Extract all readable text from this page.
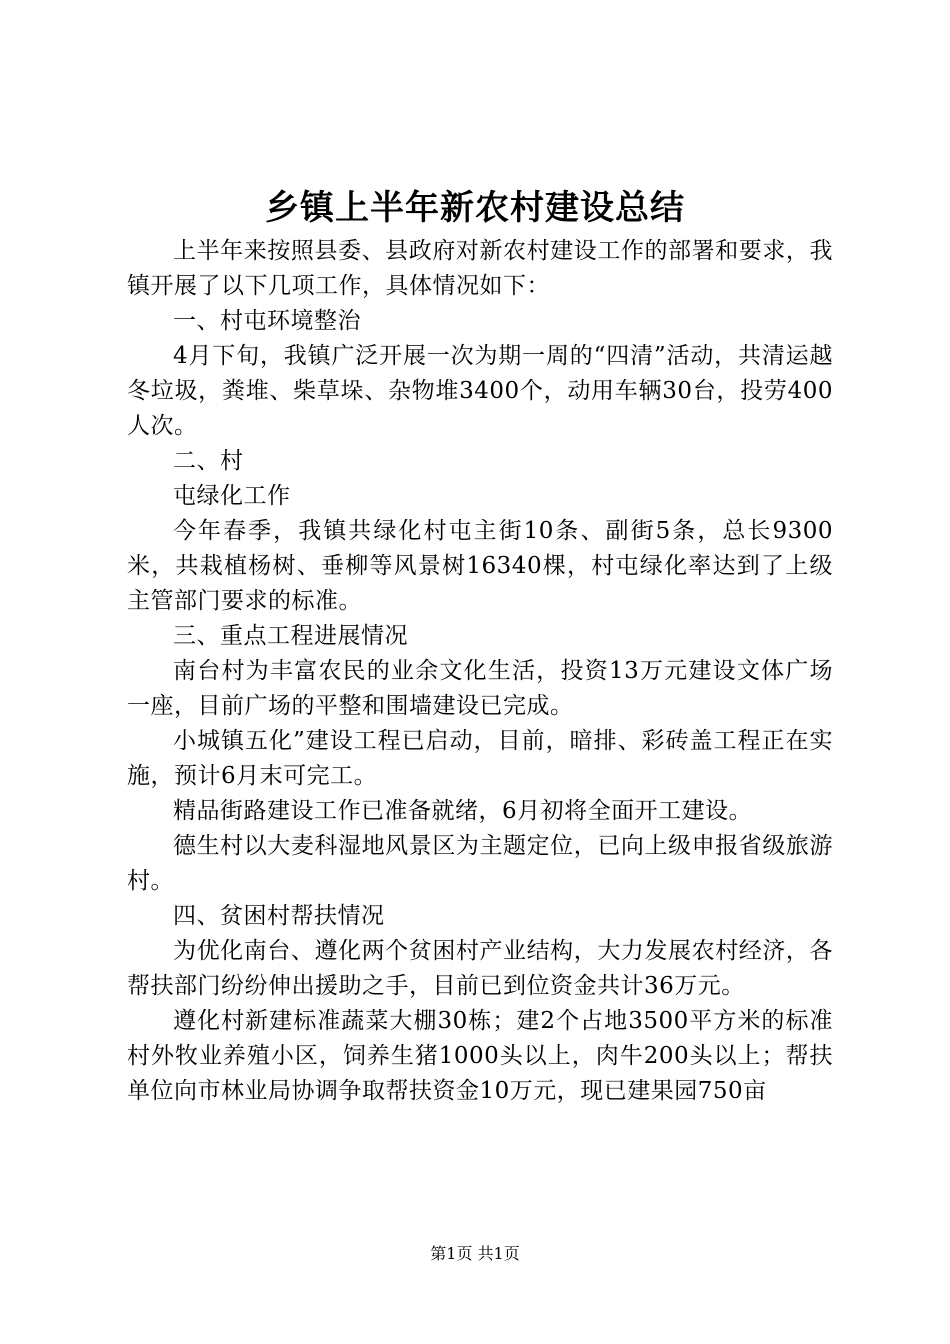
乡镇上半年新农村建设总结

上半年来按照县委、县政府对新农村建设工作的部署和要求，我镇开展了以下几项工作，具体情况如下：

一、村屯环境整治

4月下旬，我镇广泛开展一次为期一周的“四清”活动，共清运越冬垃圾，粪堆、柴草垛、杂物堆3400个，动用车辆30台，投劳400人次。

二、村

屯绿化工作

今年春季，我镇共绿化村屯主街10条、副街5条，总长9300米，共栽植杨树、垂柳等风景树16340棵，村屯绿化率达到了上级主管部门要求的标准。

三、重点工程进展情况

南台村为丰富农民的业余文化生活，投资13万元建设文体广场一座，目前广场的平整和围墙建设已完成。

小城镇五化”建设工程已启动，目前，暗排、彩砖盖工程正在实施，预计6月末可完工。

精品街路建设工作已准备就绪，6月初将全面开工建设。

德生村以大麦科湿地风景区为主题定位，已向上级申报省级旅游村。

四、贫困村帮扶情况

为优化南台、遵化两个贫困村产业结构，大力发展农村经济，各帮扶部门纷纷伸出援助之手，目前已到位资金共计36万元。

遵化村新建标准蔬菜大棚30栋；建2个占地3500平方米的标准村外牧业养殖小区，饲养生猪1000头以上，肉牛200头以上；帮扶单位向市林业局协调争取帮扶资金10万元，现已建果园750亩

第1页 共1页
